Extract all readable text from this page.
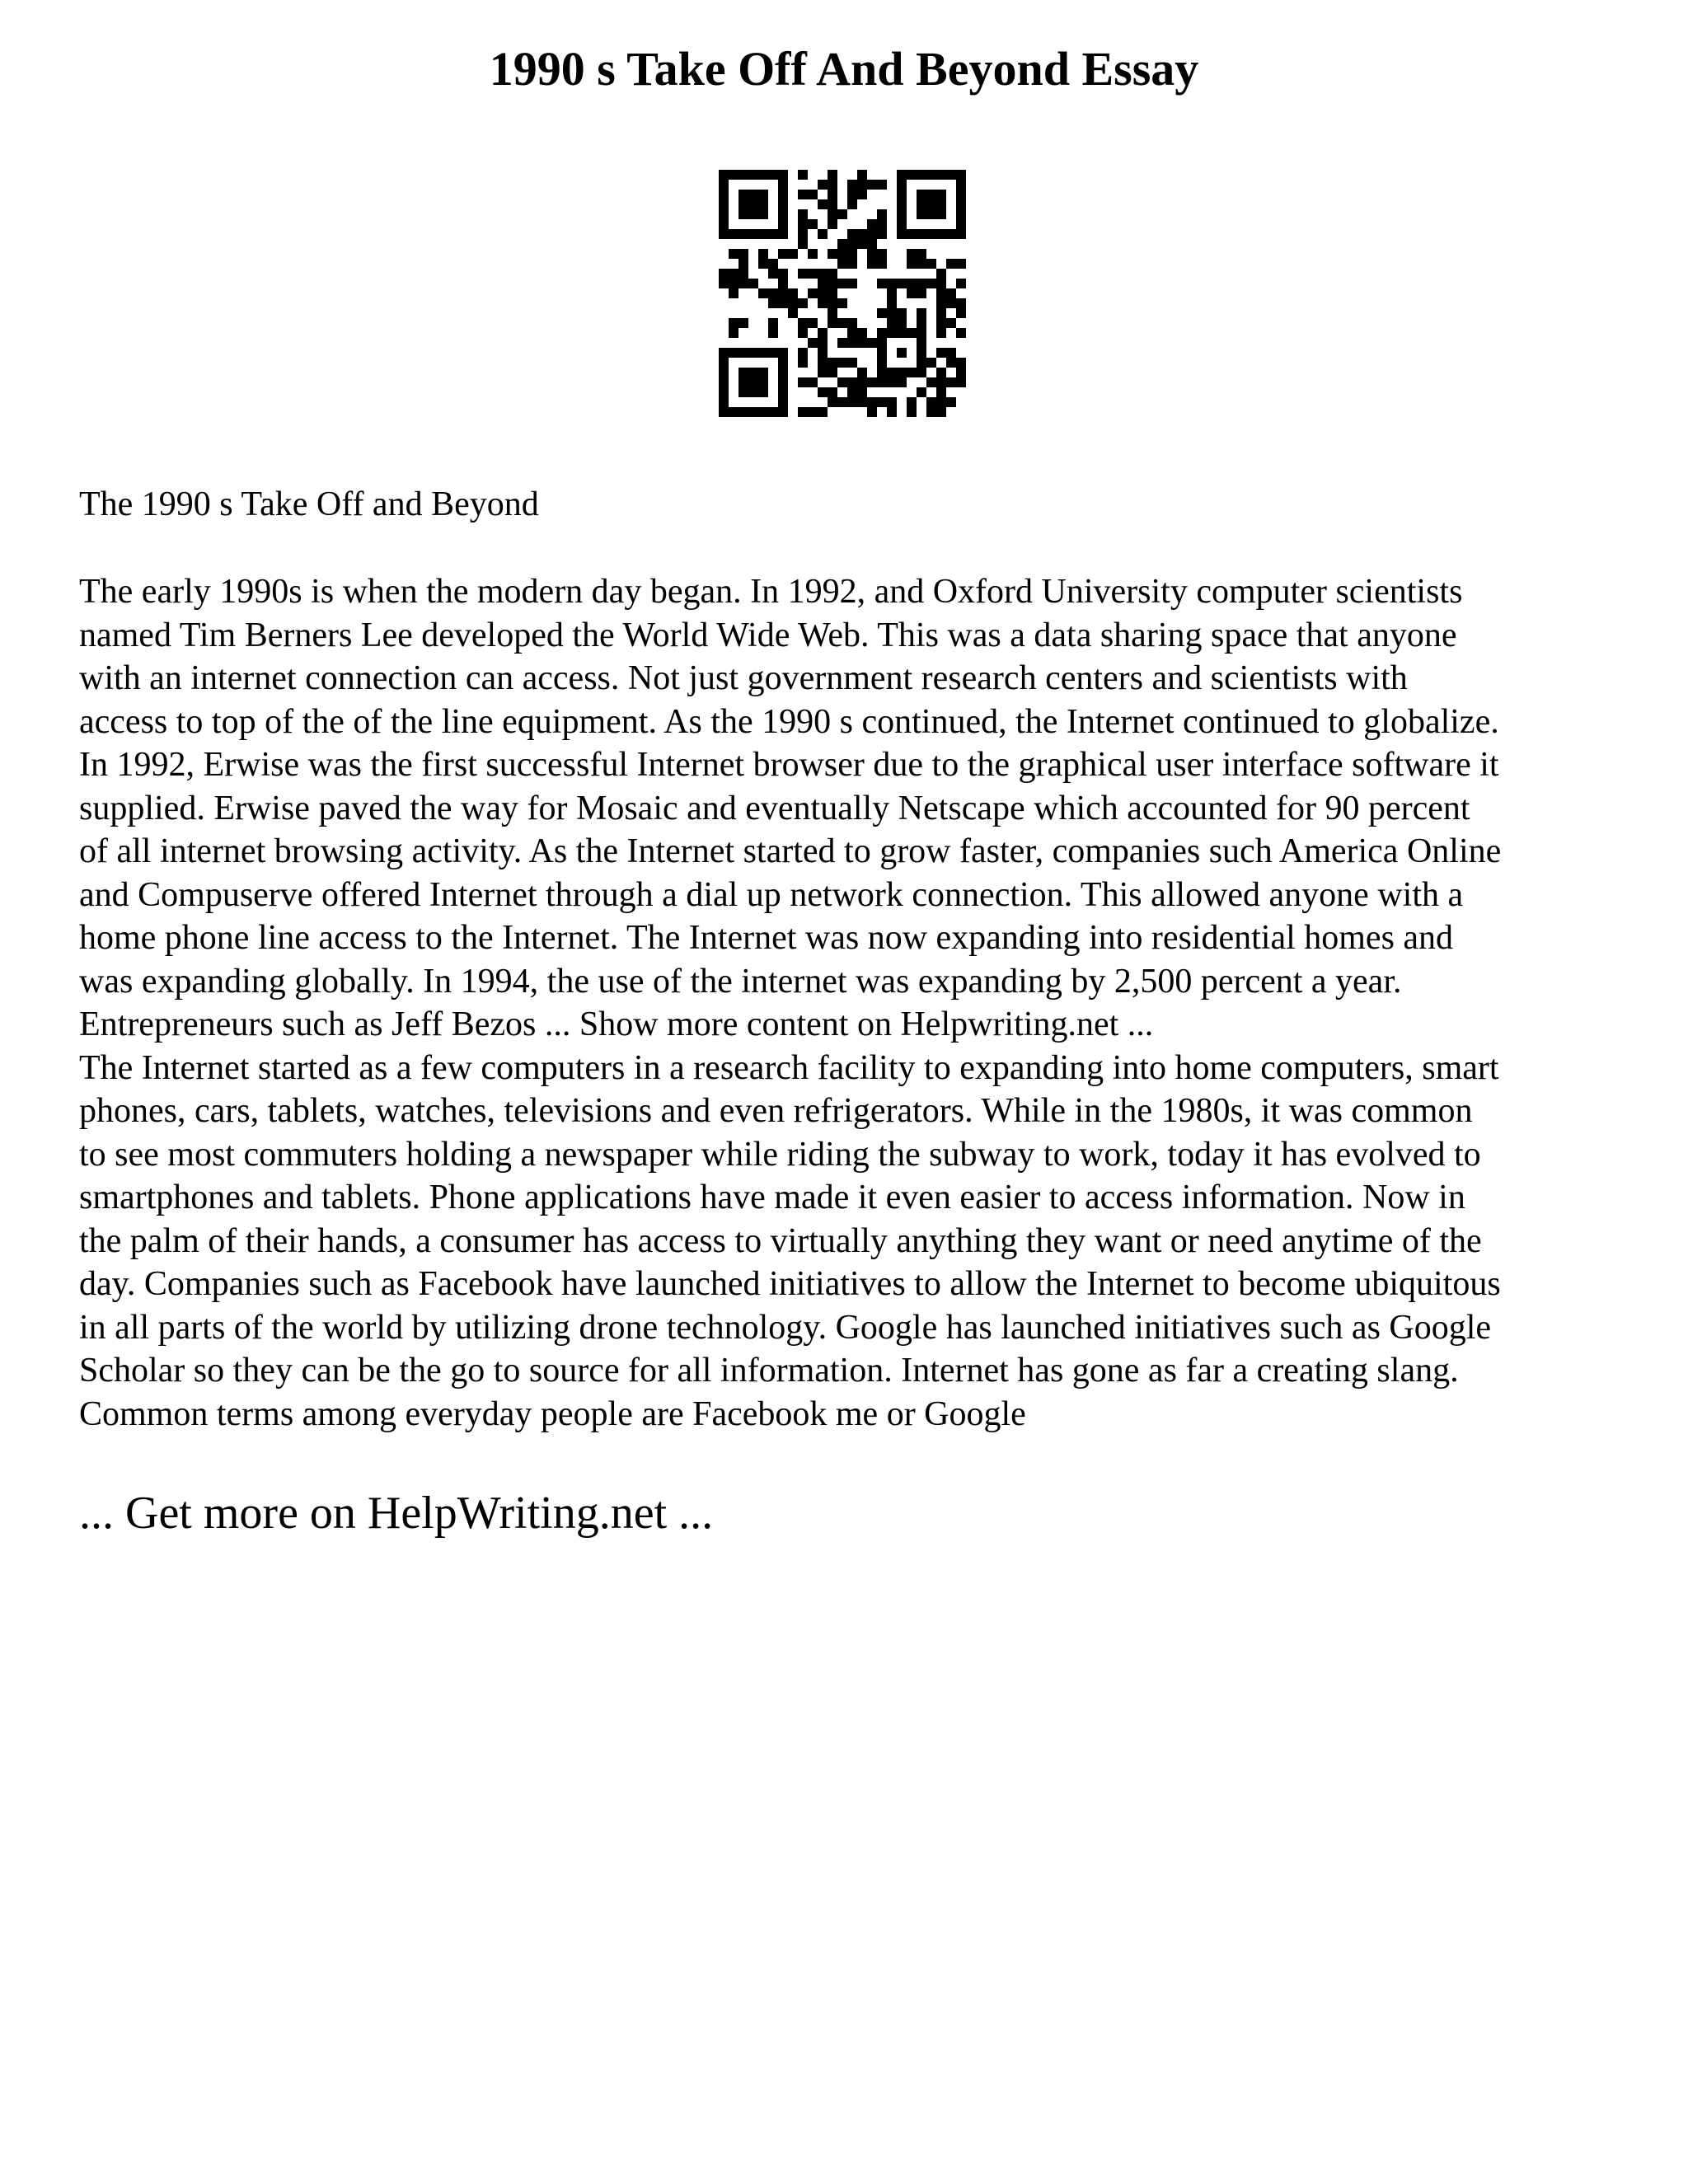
1990 s Take Off And Beyond Essay

The 1990 s Take Off and Beyond

The early 1990s is when the modern day began. In 1992, and Oxford University computer scientists
named Tim Berners Lee developed the World Wide Web. This was a data sharing space that anyone
with an internet connection can access. Not just government research centers and scientists with
access to top of the of the line equipment. As the 1990 s continued, the Internet continued to globalize.
In 1992, Erwise was the first successful Internet browser due to the graphical user interface software it
supplied. Erwise paved the way for Mosaic and eventually Netscape which accounted for 90 percent
of all internet browsing activity. As the Internet started to grow faster, companies such America Online
and Compuserve offered Internet through a dial up network connection. This allowed anyone with a
home phone line access to the Internet. The Internet was now expanding into residential homes and
was expanding globally. In 1994, the use of the internet was expanding by 2,500 percent a year.
Entrepreneurs such as Jeff Bezos ... Show more content on Helpwriting.net ...
The Internet started as a few computers in a research facility to expanding into home computers, smart
phones, cars, tablets, watches, televisions and even refrigerators. While in the 1980s, it was common
to see most commuters holding a newspaper while riding the subway to work, today it has evolved to
smartphones and tablets. Phone applications have made it even easier to access information. Now in
the palm of their hands, a consumer has access to virtually anything they want or need anytime of the
day. Companies such as Facebook have launched initiatives to allow the Internet to become ubiquitous
in all parts of the world by utilizing drone technology. Google has launched initiatives such as Google
Scholar so they can be the go to source for all information. Internet has gone as far a creating slang.
Common terms among everyday people are Facebook me or Google

... Get more on HelpWriting.net ...
